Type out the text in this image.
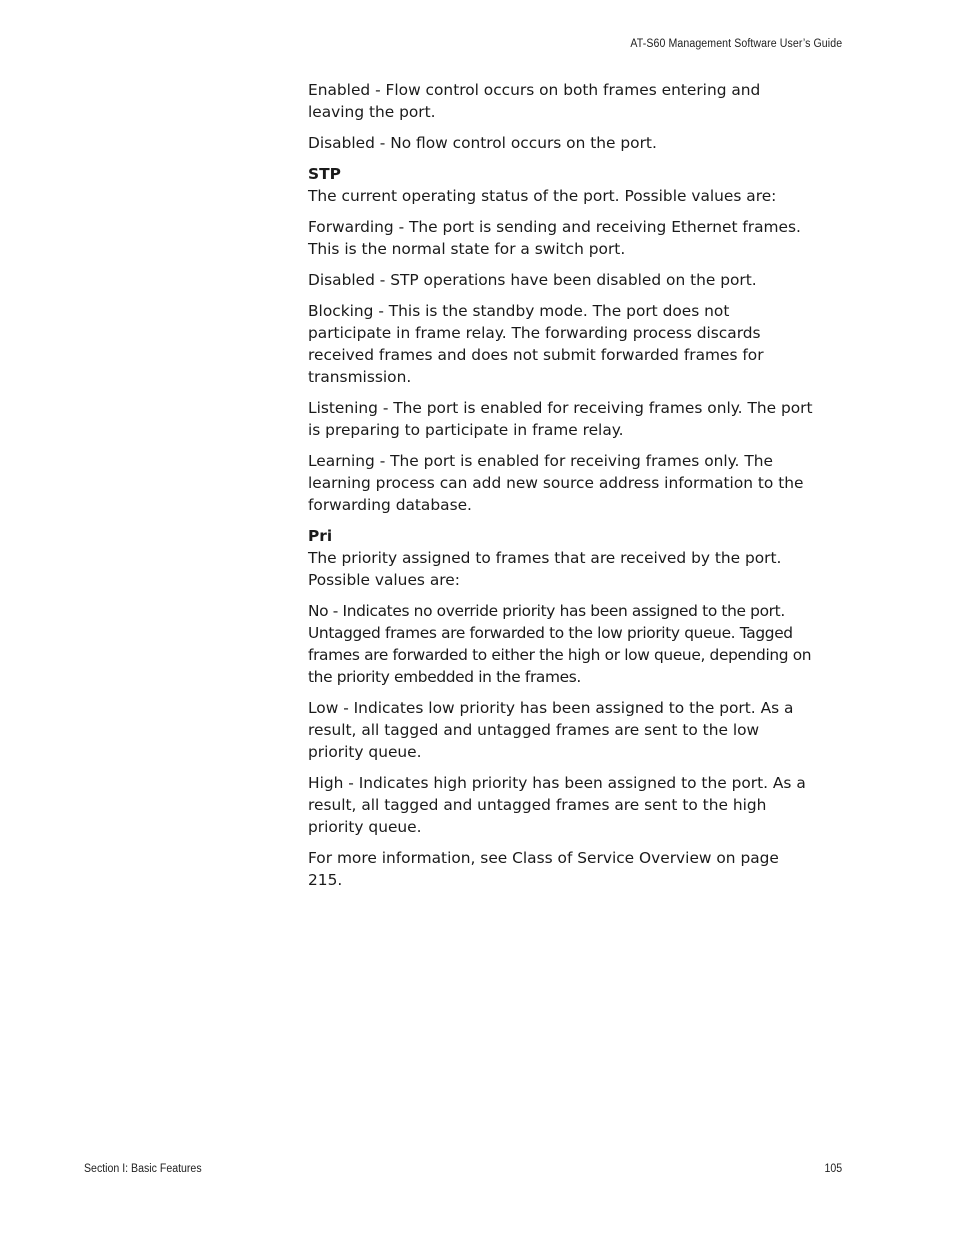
AT-S60 Management Software User’s Guide

Enabled - Flow control occurs on both frames entering and leaving the port.

Disabled - No flow control occurs on the port.

STP

The current operating status of the port. Possible values are:

Forwarding - The port is sending and receiving Ethernet frames. This is the normal state for a switch port.

Disabled - STP operations have been disabled on the port.

Blocking - This is the standby mode. The port does not participate in frame relay. The forwarding process discards received frames and does not submit forwarded frames for transmission.

Listening - The port is enabled for receiving frames only. The port is preparing to participate in frame relay.

Learning - The port is enabled for receiving frames only. The learning process can add new source address information to the forwarding database.

Pri

The priority assigned to frames that are received by the port. Possible values are:

No - Indicates no override priority has been assigned to the port. Untagged frames are forwarded to the low priority queue. Tagged frames are forwarded to either the high or low queue, depending on the priority embedded in the frames.

Low - Indicates low priority has been assigned to the port. As a result, all tagged and untagged frames are sent to the low priority queue.

High - Indicates high priority has been assigned to the port. As a result, all tagged and untagged frames are sent to the high priority queue.

For more information, see Class of Service Overview on page 215.

Section I: Basic Features	105
